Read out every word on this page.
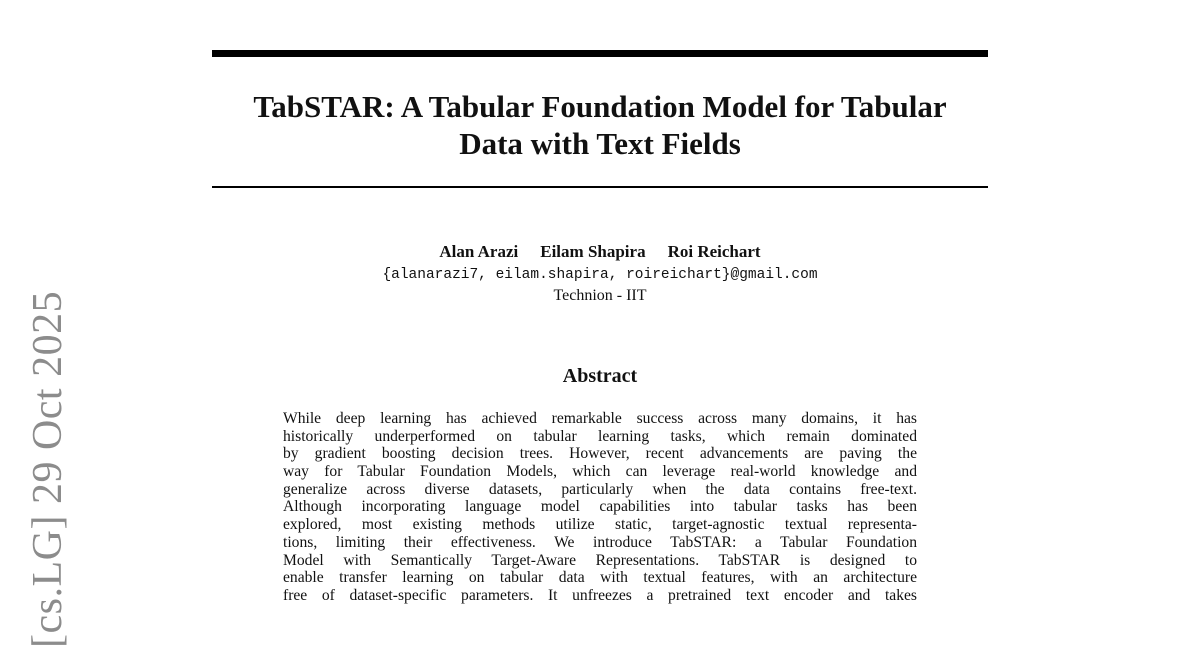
TabSTAR: A Tabular Foundation Model for Tabular
Data with Text Fields
Alan Arazi Eilam Shapira Roi Reichart
{alanarazi7, eilam.shapira, roireichart}@gmail.com
Technion - IIT
Abstract
While deep learning has achieved remarkable success across many domains, it has
historically underperformed on tabular learning tasks, which remain dominated
by gradient boosting decision trees. However, recent advancements are paving the
way for Tabular Foundation Models, which can leverage real-world knowledge and
generalize across diverse datasets, particularly when the data contains free-text.
Although incorporating language model capabilities into tabular tasks has been
explored, most existing methods utilize static, target-agnostic textual representa-
tions, limiting their effectiveness. We introduce TabSTAR: a Tabular Foundation
Model with Semantically Target-Aware Representations. TabSTAR is designed to
enable transfer learning on tabular data with textual features, with an architecture
free of dataset-specific parameters. It unfreezes a pretrained text encoder and takes
[cs.LG] 29 Oct 2025
